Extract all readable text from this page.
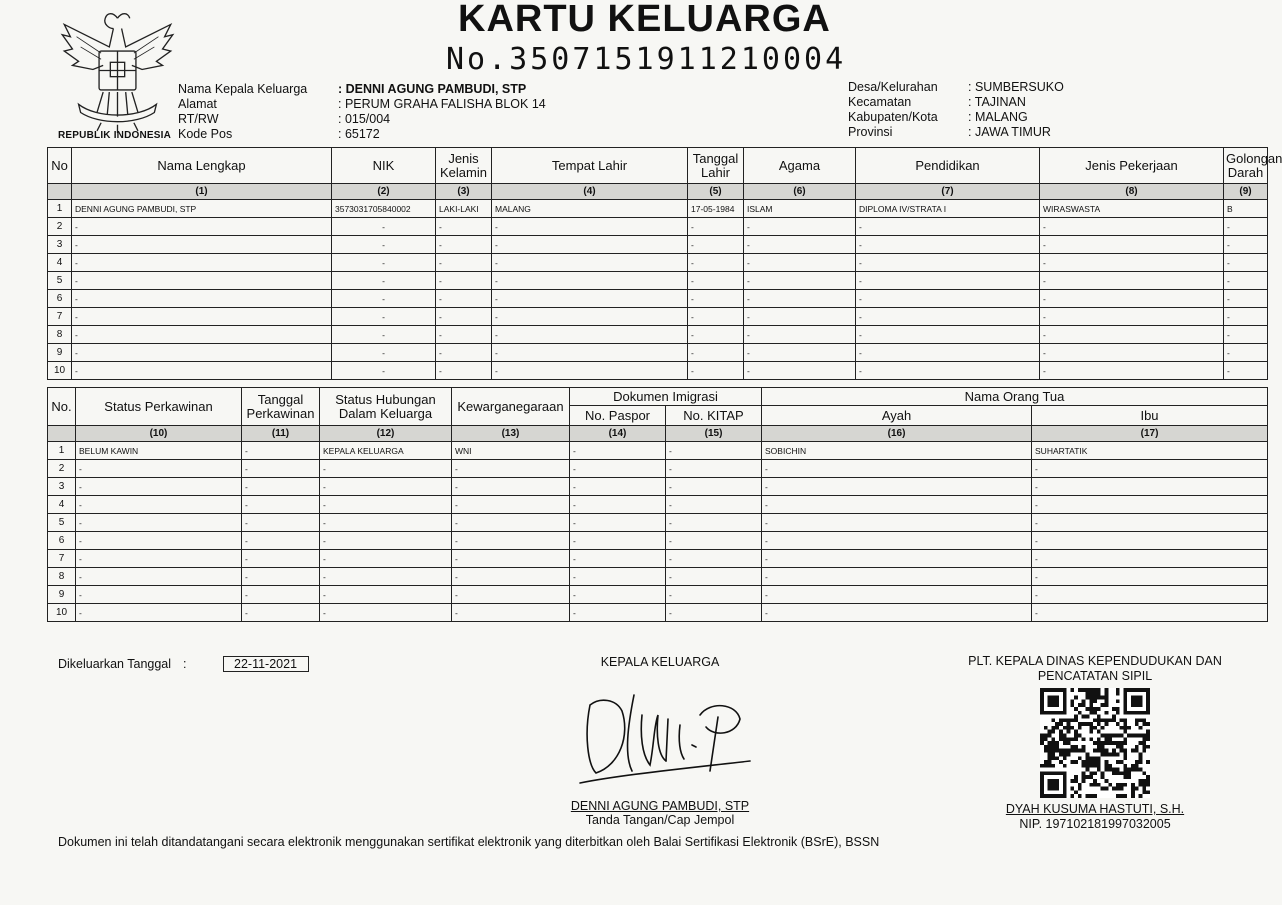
REPUBLIK INDONESIA
KARTU KELUARGA
No.3507151911210004
Nama Kepala Keluarga	: DENNI AGUNG PAMBUDI, STP
Alamat	: PERUM GRAHA FALISHA BLOK 14
RT/RW	: 015/004
Kode Pos	: 65172
Desa/Kelurahan	: SUMBERSUKO
Kecamatan	: TAJINAN
Kabupaten/Kota	: MALANG
Provinsi	: JAWA TIMUR
No	Nama Lengkap	NIK	Jenis Kelamin	Tempat Lahir	Tanggal Lahir	Agama	Pendidikan	Jenis Pekerjaan	Golongan Darah
	(1)	(2)	(3)	(4)	(5)	(6)	(7)	(8)	(9)
1	DENNI AGUNG PAMBUDI, STP	3573031705840002	LAKI-LAKI	MALANG	17-05-1984	ISLAM	DIPLOMA IV/STRATA I	WIRASWASTA	B
2	-	-	-	-	-	-	-	-	-
3	-	-	-	-	-	-	-	-	-
4	-	-	-	-	-	-	-	-	-
5	-	-	-	-	-	-	-	-	-
6	-	-	-	-	-	-	-	-	-
7	-	-	-	-	-	-	-	-	-
8	-	-	-	-	-	-	-	-	-
9	-	-	-	-	-	-	-	-	-
10	-	-	-	-	-	-	-	-	-
No.	Status Perkawinan	Tanggal Perkawinan	Status Hubungan Dalam Keluarga	Kewarganegaraan	Dokumen Imigrasi		Nama Orang Tua	
					No. Paspor	No. KITAP	Ayah	Ibu
	(10)	(11)	(12)	(13)	(14)	(15)	(16)	(17)
1	BELUM KAWIN	-	KEPALA KELUARGA	WNI	-	-	SOBICHIN	SUHARTATIK
2	-	-	-	-	-	-	-	-
3	-	-	-	-	-	-	-	-
4	-	-	-	-	-	-	-	-
5	-	-	-	-	-	-	-	-
6	-	-	-	-	-	-	-	-
7	-	-	-	-	-	-	-	-
8	-	-	-	-	-	-	-	-
9	-	-	-	-	-	-	-	-
10	-	-	-	-	-	-	-	-
Dikeluarkan Tanggal :	22-11-2021	KEPALA KELUARGA
DENNI AGUNG PAMBUDI, STP
Tanda Tangan/Cap Jempol
PLT. KEPALA DINAS KEPENDUDUKAN DAN
PENCATATAN SIPIL
DYAH KUSUMA HASTUTI, S.H.
NIP. 197102181997032005
Dokumen ini telah ditandatangani secara elektronik menggunakan sertifikat elektronik yang diterbitkan oleh Balai Sertifikasi Elektronik (BSrE), BSSN
